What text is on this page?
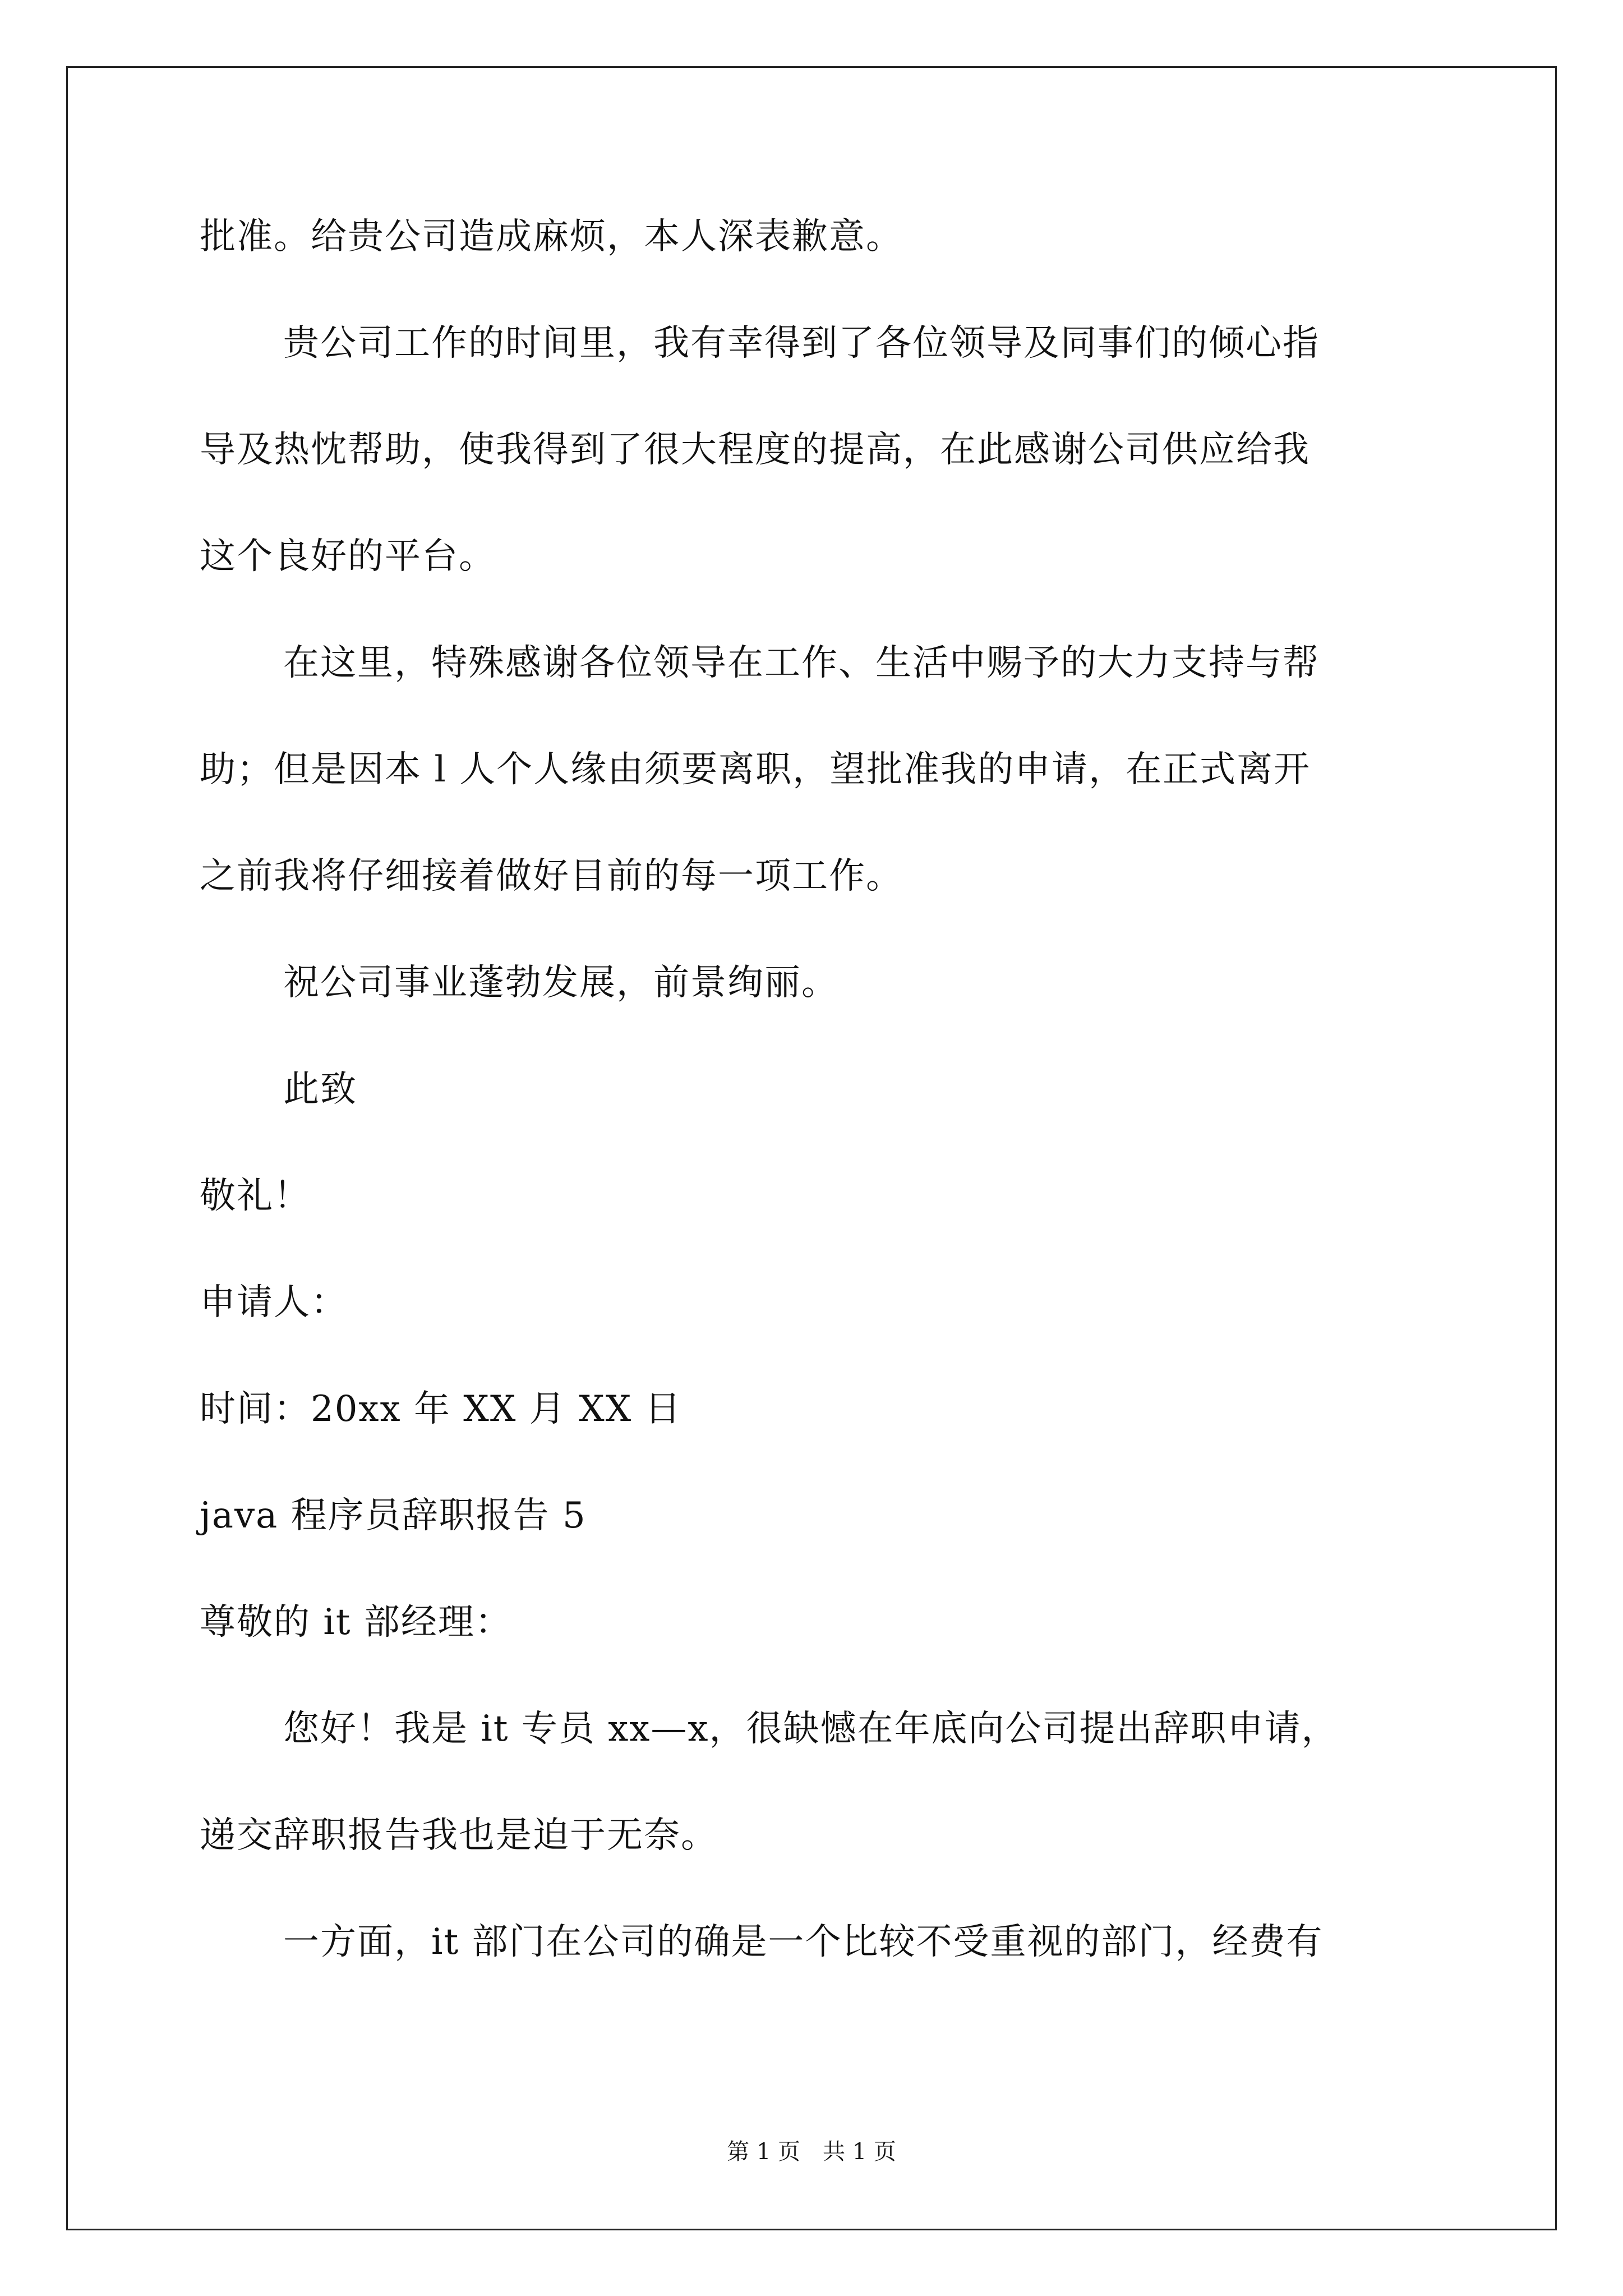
批准。给贵公司造成麻烦，本人深表歉意。
贵公司工作的时间里，我有幸得到了各位领导及同事们的倾心指
导及热忱帮助，使我得到了很大程度的提高，在此感谢公司供应给我
这个良好的平台。
在这里，特殊感谢各位领导在工作、生活中赐予的大力支持与帮
助；但是因本 l 人个人缘由须要离职，望批准我的申请，在正式离开
之前我将仔细接着做好目前的每一项工作。
祝公司事业蓬勃发展，前景绚丽。
此致
敬礼！
申请人：
时间：20xx 年 XX 月 XX 日
java 程序员辞职报告 5
尊敬的 it 部经理：
您好！我是 it 专员 xx—x，很缺憾在年底向公司提出辞职申请，
递交辞职报告我也是迫于无奈。
一方面，it 部门在公司的确是一个比较不受重视的部门，经费有
第 1 页　共 1 页
